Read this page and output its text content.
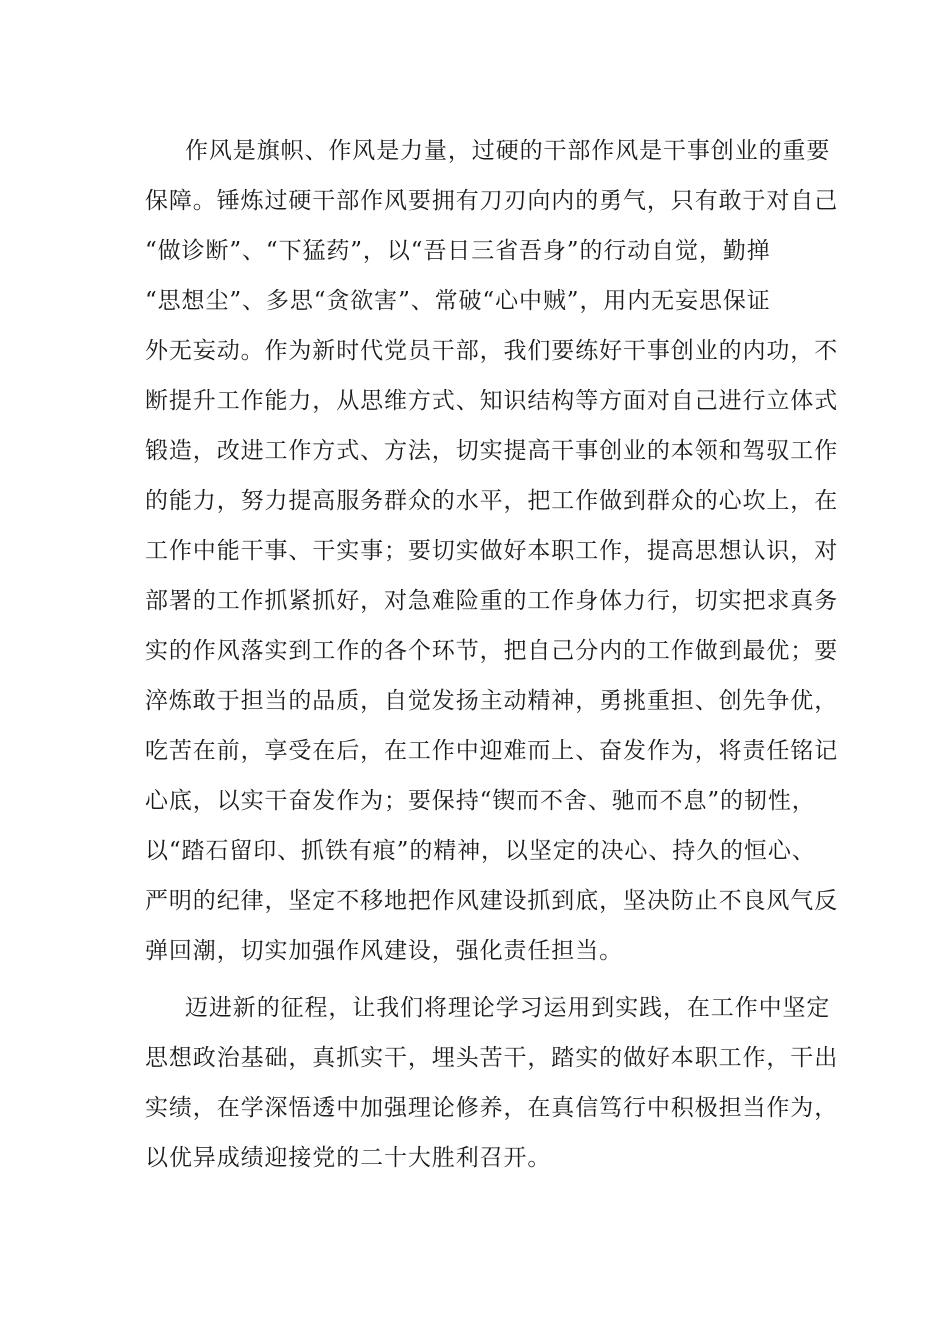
作风是旗帜、作风是力量，过硬的干部作风是干事创业的重要
保障。锤炼过硬干部作风要拥有刀刃向内的勇气，只有敢于对自己
“做诊断”、“下猛药”，以“吾日三省吾身”的行动自觉，勤掸
“思想尘”、多思“贪欲害”、常破“心中贼”，用内无妄思保证
外无妄动。作为新时代党员干部，我们要练好干事创业的内功，不
断提升工作能力，从思维方式、知识结构等方面对自己进行立体式
锻造，改进工作方式、方法，切实提高干事创业的本领和驾驭工作
的能力，努力提高服务群众的水平，把工作做到群众的心坎上，在
工作中能干事、干实事；要切实做好本职工作，提高思想认识，对
部署的工作抓紧抓好，对急难险重的工作身体力行，切实把求真务
实的作风落实到工作的各个环节，把自己分内的工作做到最优；要
淬炼敢于担当的品质，自觉发扬主动精神，勇挑重担、创先争优，
吃苦在前，享受在后，在工作中迎难而上、奋发作为，将责任铭记
心底，以实干奋发作为；要保持“锲而不舍、驰而不息”的韧性，
以“踏石留印、抓铁有痕”的精神，以坚定的决心、持久的恒心、
严明的纪律，坚定不移地把作风建设抓到底，坚决防止不良风气反
弹回潮，切实加强作风建设，强化责任担当。
迈进新的征程，让我们将理论学习运用到实践，在工作中坚定
思想政治基础，真抓实干，埋头苦干，踏实的做好本职工作，干出
实绩，在学深悟透中加强理论修养，在真信笃行中积极担当作为，
以优异成绩迎接党的二十大胜利召开。
